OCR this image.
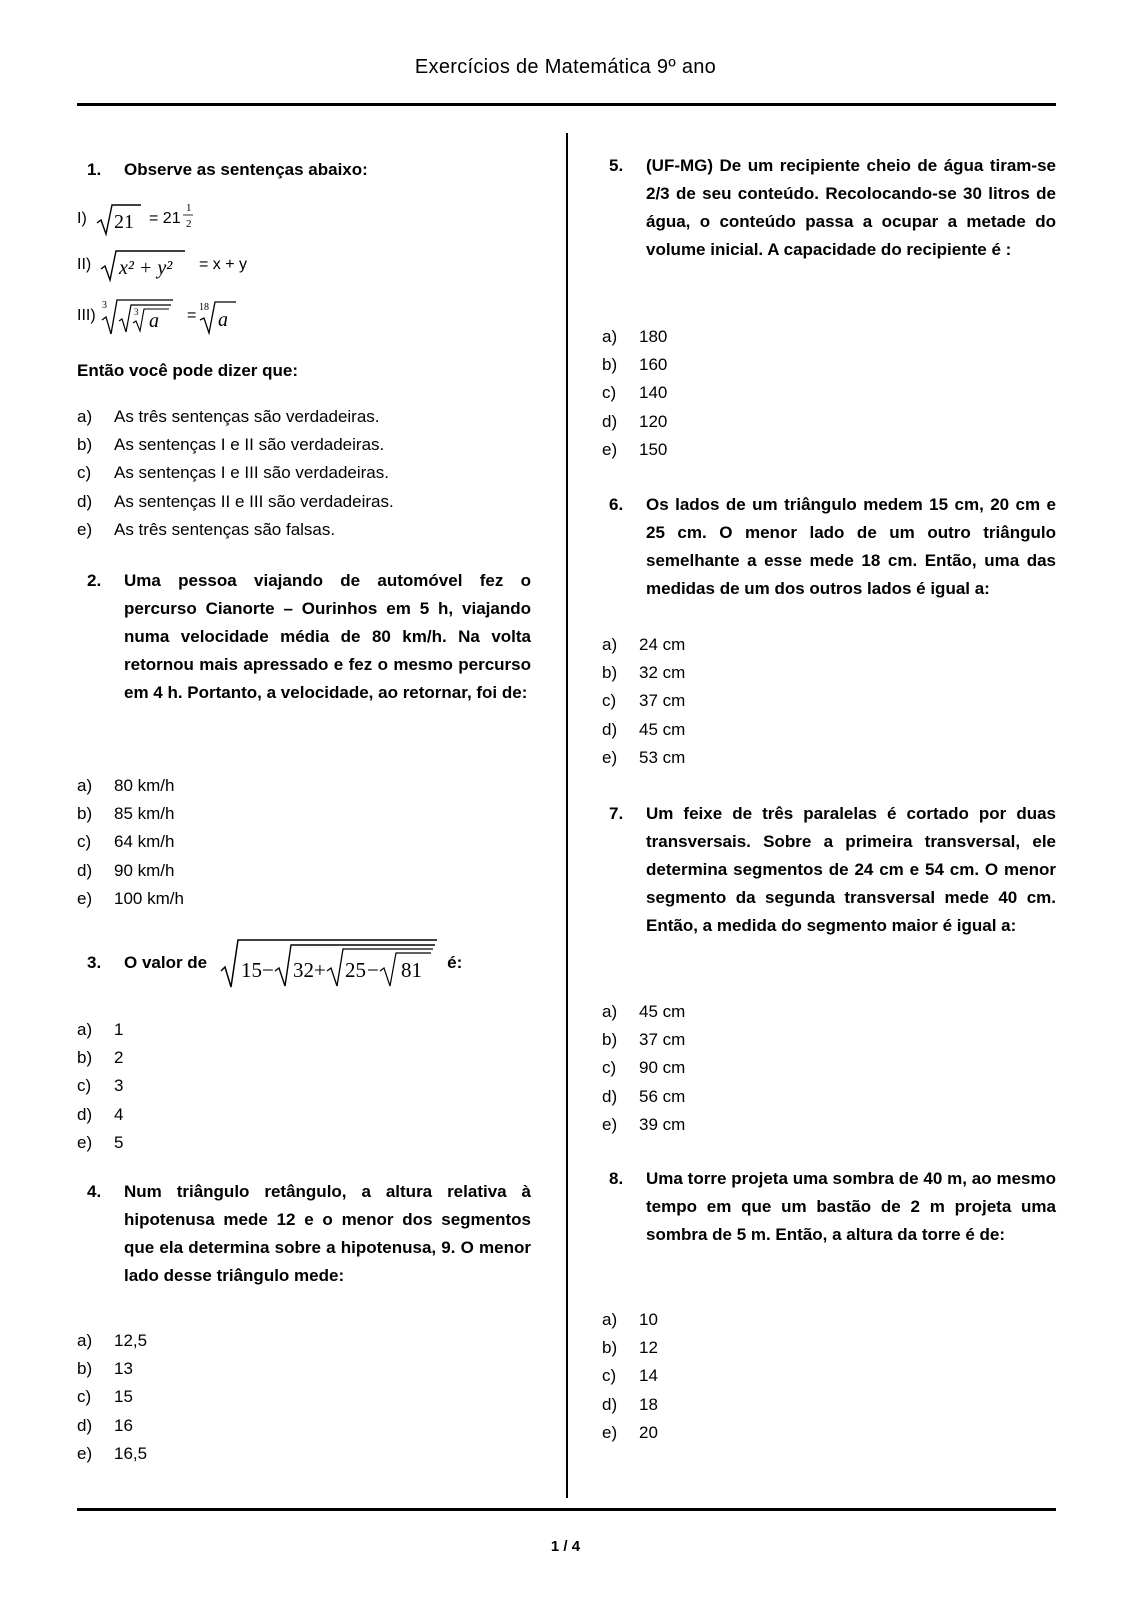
Exercícios de Matemática 9º ano
1 / 4
1.	Observe as sentenças abaixo:
I)	21 = 21
1
2
II)	x² + y² = x + y
III)
3
3 a = 18
a
Então você pode dizer que:
a) As três sentenças são verdadeiras.
b) As sentenças I e II são verdadeiras.
c) As sentenças I e III são verdadeiras.
d) As sentenças II e III são verdadeiras.
e) As três sentenças são falsas.
2.	Uma pessoa viajando de automóvel fez o percurso Cianorte – Ourinhos em 5 h, viajando numa velocidade média de 80 km/h. Na volta retornou mais apressado e fez o mesmo percurso em 4 h. Portanto, a velocidade, ao retornar, foi de:
a) 80 km/h
b) 85 km/h
c) 64 km/h
d) 90 km/h
e) 100 km/h
3.	O valor de 15 − 32 + 25 − 81 é:
a) 1
b) 2
c) 3
d) 4
e) 5
4.	Num triângulo retângulo, a altura relativa à hipotenusa mede 12 e o menor dos segmentos que ela determina sobre a hipotenusa, 9. O menor lado desse triângulo mede:
a) 12,5
b) 13
c) 15
d) 16
e) 16,5
5.	(UF-MG) De um recipiente cheio de água tiram-se 2/3 de seu conteúdo. Recolocando-se 30 litros de água, o conteúdo passa a ocupar a metade do volume inicial. A capacidade do recipiente é :
a) 180
b) 160
c) 140
d) 120
e) 150
6.	Os lados de um triângulo medem 15 cm, 20 cm e 25 cm. O menor lado de um outro triângulo semelhante a esse mede 18 cm. Então, uma das medidas de um dos outros lados é igual a:
a) 24 cm
b) 32 cm
c) 37 cm
d) 45 cm
e) 53 cm
7.	Um feixe de três paralelas é cortado por duas transversais. Sobre a primeira transversal, ele determina segmentos de 24 cm e 54 cm. O menor segmento da segunda transversal mede 40 cm. Então, a medida do segmento maior é igual a:
a) 45 cm
b) 37 cm
c) 90 cm
d) 56 cm
e) 39 cm
8.	Uma torre projeta uma sombra de 40 m, ao mesmo tempo em que um bastão de 2 m projeta uma sombra de 5 m. Então, a altura da torre é de:
a) 10
b) 12
c) 14
d) 18
e) 20
